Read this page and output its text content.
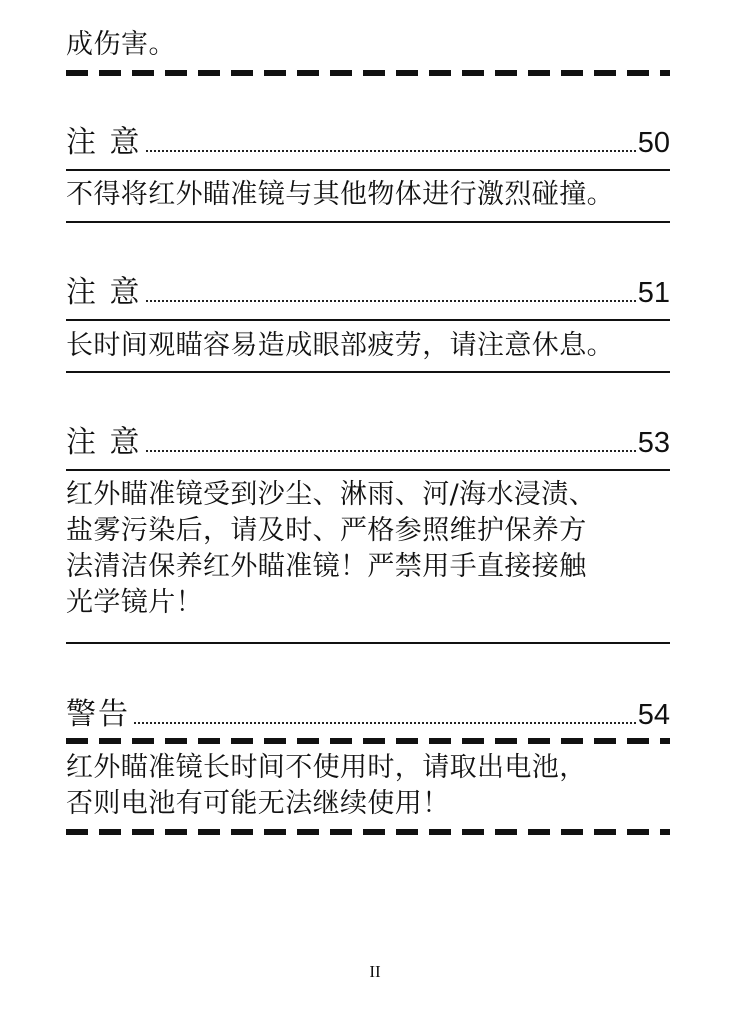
成伤害。
注 意	50
不得将红外瞄准镜与其他物体进行激烈碰撞。
注 意	51
长时间观瞄容易造成眼部疲劳，请注意休息。
注 意	53
红外瞄准镜受到沙尘、淋雨、河/海水浸渍、
盐雾污染后，请及时、严格参照维护保养方
法清洁保养红外瞄准镜！严禁用手直接接触
光学镜片！
警告	54
红外瞄准镜长时间不使用时，请取出电池，
否则电池有可能无法继续使用！
II
